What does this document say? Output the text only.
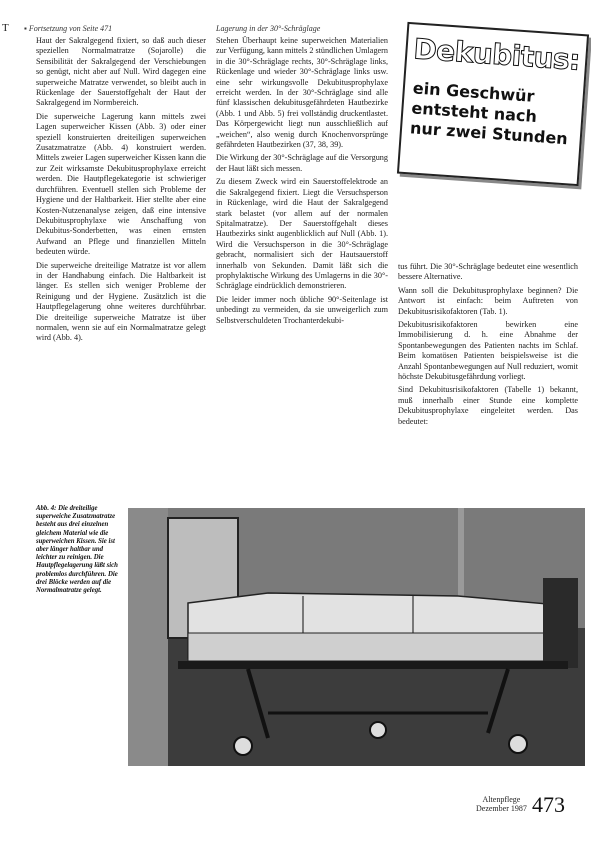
T ▪ Fortsetzung von Seite 471	Lagerung in der 30°-Schräglage

Haut der Sakralgegend fixiert, so daß auch dieser speziellen Normalmatratze (Sojarolle) die Sensibilität der Sakralgegend der Verschiebungen so genügt, nicht aber auf Null. Wird dagegen eine superweiche Matratze verwendet, so bleibt auch in Rückenlage der Sauerstoffgehalt der Haut der Sakralgegend im Normbereich.

Die superweiche Lagerung kann mittels zwei Lagen superweicher Kissen (Abb. 3) oder einer speziell konstruierten dreiteiligen superweichen Zusatzmatratze (Abb. 4) konstruiert werden. Mittels zweier Lagen superweicher Kissen kann die zur Zeit wirksamste Dekubitusprophylaxe erreicht werden. Die Hautpflegekategorie ist schwieriger durchführen. Eventuell stellen sich Probleme der Hygiene und der Haltbarkeit. Hier stellte aber eine Kosten-Nutzenanalyse zeigen, daß eine intensive Dekubitusprophylaxe wie Anschaffung von Dekubitus-Sonderbetten, was einen ernsten Aufwand an Pflege und finanziellen Mitteln bedeuten würde.

Die superweiche dreiteilige Matratze ist vor allem in der Handhabung einfach. Die Haltbarkeit ist länger. Es stellen sich weniger Probleme der Reinigung und der Hygiene. Zusätzlich ist die Hautpflegelagerung ohne weiteres durchführbar. Die dreiteilige superweiche Matratze ist über normalen, wenn sie auf ein Normalmatratze gelegt wird (Abb. 4).

Stehen Überhaupt keine superweichen Materialien zur Verfügung, kann mittels 2 stündlichen Umlagern in die 30°-Schräglage rechts, 30°-Schräglage links, Rückenlage und wieder 30°-Schräglage links usw. eine sehr wirkungsvolle Dekubitusprophylaxe erreicht werden. In der 30°-Schräglage sind alle fünf klassischen dekubitusgefährdeten Hautbezirke (Abb. 1 und Abb. 5) frei vollständig druckentlastet. Das Körpergewicht liegt nun ausschließlich auf „weichen“, also wenig durch Knochenvorsprünge gefährdeten Hautbezirken (37, 38, 39).

Die Wirkung der 30°-Schräglage auf die Versorgung der Haut läßt sich messen.

Zu diesem Zweck wird ein Sauerstoffelektrode an die Sakralgegend fixiert. Liegt die Versuchsperson in Rückenlage, wird die Haut der Sakralgegend stark belastet (vor allem auf der normalen Spitalmatratze). Der Sauerstoffgehalt dieses Hautbezirks sinkt augenblicklich auf Null (Abb. 1). Wird die Versuchsperson in die 30°-Schräglage gebracht, normalisiert sich der Hautsauerstoff innerhalb von Sekunden. Damit läßt sich die prophylaktische Wirkung des Umlagerns in die 30°-Schräglage eindrücklich demonstrieren.

Die leider immer noch übliche 90°-Seitenlage ist unbedingt zu vermeiden, da sie unweigerlich zum Selbstverschuldeten Trochanterdekubi-

tus führt. Die 30°-Schräglage bedeutet eine wesentlich bessere Alternative.

Wann soll die Dekubitusprophylaxe beginnen? Die Antwort ist einfach: beim Auftreten von Dekubitusrisikofaktoren (Tab. 1).

Dekubitusrisikofaktoren bewirken eine Immobilisierung d. h. eine Abnahme der Spontanbewegungen des Patienten nachts im Schlaf. Beim komatösen Patienten beispielsweise ist die Anzahl Spontanbewegungen auf Null reduziert, womit höchste Dekubitusgefährdung vorliegt.

Sind Dekubitusrisikofaktoren (Tabelle 1) bekannt, muß innerhalb einer Stunde eine komplette Dekubitusprophylaxe eingeleitet werden. Das bedeutet:

Dekubitus:
ein Geschwür
entsteht nach
nur zwei Stunden
Abb. 4: Die dreiteilige superweiche Zusatzmatratze besteht aus drei einzelnen gleichem Material wie die superweichen Kissen. Sie ist aber länger haltbar und leichter zu reinigen. Die Hautpflegelagerung läßt sich problemlos durchführen. Die drei Blöcke werden auf die Normalmatratze gelegt.
Altenpflege
Dezember 1987 473
